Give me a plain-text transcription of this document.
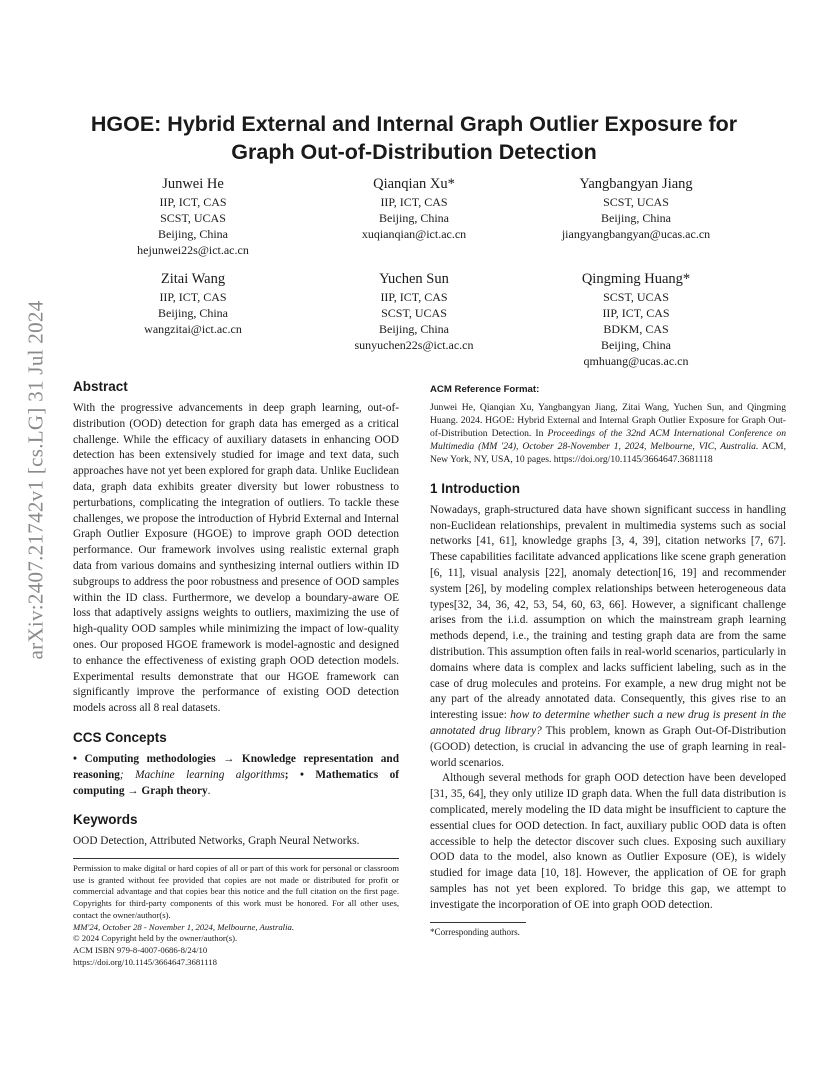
HGOE: Hybrid External and Internal Graph Outlier Exposure for
Graph Out-of-Distribution Detection
Junwei He
IIP, ICT, CAS
SCST, UCAS
Beijing, China
hejunwei22s@ict.ac.cn
Qianqian Xu*
IIP, ICT, CAS
Beijing, China
xuqianqian@ict.ac.cn
Yangbangyan Jiang
SCST, UCAS
Beijing, China
jiangyangbangyan@ucas.ac.cn
Zitai Wang
IIP, ICT, CAS
Beijing, China
wangzitai@ict.ac.cn
Yuchen Sun
IIP, ICT, CAS
SCST, UCAS
Beijing, China
sunyuchen22s@ict.ac.cn
Qingming Huang*
SCST, UCAS
IIP, ICT, CAS
BDKM, CAS
Beijing, China
qmhuang@ucas.ac.cn
arXiv:2407.21742v1 [cs.LG] 31 Jul 2024 Abstract

With the progressive advancements in deep graph learning, out-of-distribution (OOD) detection for graph data has emerged as a critical challenge. While the efficacy of auxiliary datasets in enhancing OOD detection has been extensively studied for image and text data, such approaches have not yet been explored for graph data. Unlike Euclidean data, graph data exhibits greater diversity but lower robustness to perturbations, complicating the integration of outliers. To tackle these challenges, we propose the introduction of Hybrid External and Internal Graph Outlier Exposure (HGOE) to improve graph OOD detection performance. Our framework involves using realistic external graph data from various domains and synthesizing internal outliers within ID subgroups to address the poor robustness and presence of OOD samples within the ID class. Furthermore, we develop a boundary-aware OE loss that adaptively assigns weights to outliers, maximizing the use of high-quality OOD samples while minimizing the impact of low-quality ones. Our proposed HGOE framework is model-agnostic and designed to enhance the effectiveness of existing graph OOD detection models. Experimental results demonstrate that our HGOE framework can significantly improve the performance of existing OOD detection models across all 8 real datasets.

CCS Concepts

• Computing methodologies → Knowledge representation and reasoning; Machine learning algorithms; • Mathematics of computing → Graph theory.

Keywords

OOD Detection, Attributed Networks, Graph Neural Networks.

Permission to make digital or hard copies of all or part of this work for personal or classroom use is granted without fee provided that copies are not made or distributed for profit or commercial advantage and that copies bear this notice and the full citation on the first page. Copyrights for third-party components of this work must be honored. For all other uses, contact the owner/author(s).

MM'24, October 28 - November 1, 2024, Melbourne, Australia.
© 2024 Copyright held by the owner/author(s).
ACM ISBN 979-8-4007-0686-8/24/10
https://doi.org/10.1145/3664647.3681118
ACM Reference Format:

Junwei He, Qianqian Xu, Yangbangyan Jiang, Zitai Wang, Yuchen Sun, and Qingming Huang. 2024. HGOE: Hybrid External and Internal Graph Outlier Exposure for Graph Out-of-Distribution Detection. In Proceedings of the 32nd ACM International Conference on Multimedia (MM '24), October 28-November 1, 2024, Melbourne, VIC, Australia. ACM, New York, NY, USA, 10 pages. https://doi.org/10.1145/3664647.3681118

1 Introduction

Nowadays, graph-structured data have shown significant success in handling non-Euclidean relationships, prevalent in multimedia systems such as social networks [41, 61], knowledge graphs [3, 4, 39], citation networks [7, 67]. These capabilities facilitate advanced applications like scene graph generation [6, 11], visual analysis [22], anomaly detection[16, 19] and recommender system [26], by modeling complex relationships between heterogeneous data types[32, 34, 36, 42, 53, 54, 60, 63, 66]. However, a significant challenge arises from the i.i.d. assumption on which the mainstream graph learning methods depend, i.e., the training and testing graph data are from the same distribution. This assumption often fails in real-world scenarios, particularly in domains where data is complex and lacks sufficient labeling, such as in the case of drug molecules and proteins. For example, a new drug might not be any part of the already annotated data. Consequently, this gives rise to an interesting issue: how to determine whether such a new drug is present in the annotated drug library? This problem, known as Graph Out-Of-Distribution (GOOD) detection, is crucial in advancing the use of graph learning in real-world scenarios.

Although several methods for graph OOD detection have been developed [31, 35, 64], they only utilize ID graph data. When the full data distribution is complicated, merely modeling the ID data might be insufficient to capture the essential clues for OOD detection. In fact, auxiliary public OOD data is often accessible to help the detector discover such clues. Exposing such auxiliary OOD data to the model, also known as Outlier Exposure (OE), is widely studied for image data [10, 18]. However, the application of OE for graph samples has not yet been explored. To bridge this gap, we attempt to investigate the incorporation of OE into graph OOD detection.

*Corresponding authors.
